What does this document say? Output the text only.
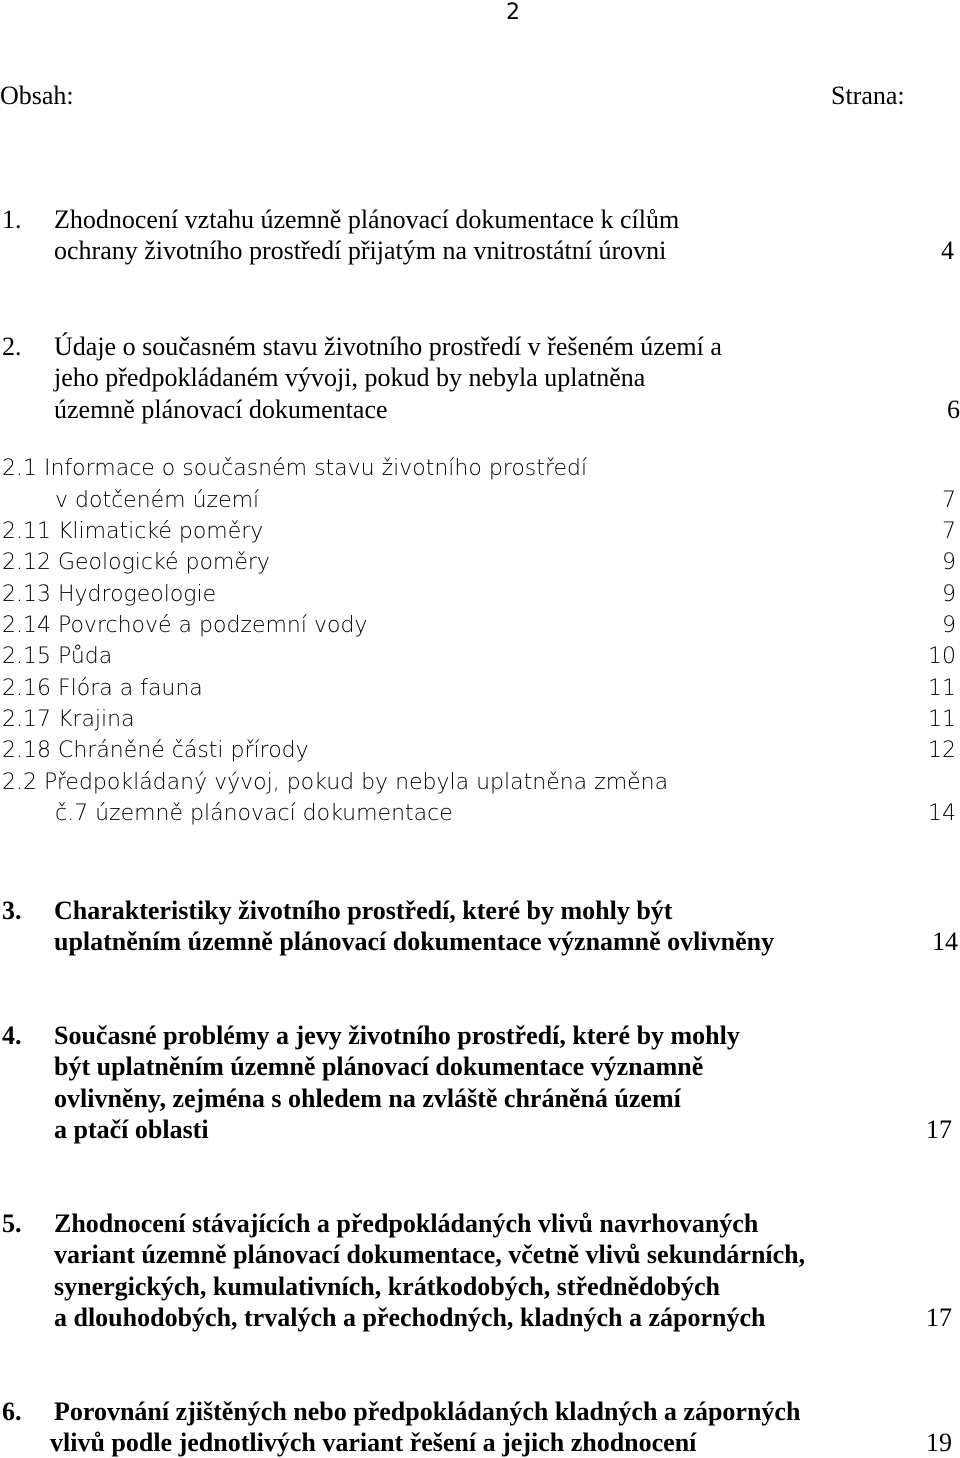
2
Obsah:	Strana:
1. Zhodnocení vztahu územně plánovací dokumentace k cílům
ochrany životního prostředí přijatým na vnitrostátní úrovni	4
2. Údaje o současném stavu životního prostředí v řešeném území a
jeho předpokládaném vývoji, pokud by nebyla uplatněna
územně plánovací dokumentace	6
2.1 Informace o současném stavu životního prostředí
v dotčeném území	7
2.11 Klimatické poměry	7
2.12 Geologické poměry	9
2.13 Hydrogeologie	9
2.14 Povrchové a podzemní vody	9
2.15 Půda	10
2.16 Flóra a fauna	11
2.17 Krajina	11
2.18 Chráněné části přírody	12
2.2 Předpokládaný vývoj, pokud by nebyla uplatněna změna
č.7 územně plánovací dokumentace	14
3. Charakteristiky životního prostředí, které by mohly být
uplatněním územně plánovací dokumentace významně ovlivněny	14
4. Současné problémy a jevy životního prostředí, které by mohly
být uplatněním územně plánovací dokumentace významně
ovlivněny, zejména s ohledem na zvláště chráněná území
a ptačí oblasti	17
5. Zhodnocení stávajících a předpokládaných vlivů navrhovaných
variant územně plánovací dokumentace, včetně vlivů sekundárních,
synergických, kumulativních, krátkodobých, střednědobých
a dlouhodobých, trvalých a přechodných, kladných a záporných	17
6. Porovnání zjištěných nebo předpokládaných kladných a záporných
vlivů podle jednotlivých variant řešení a jejich zhodnocení	19
